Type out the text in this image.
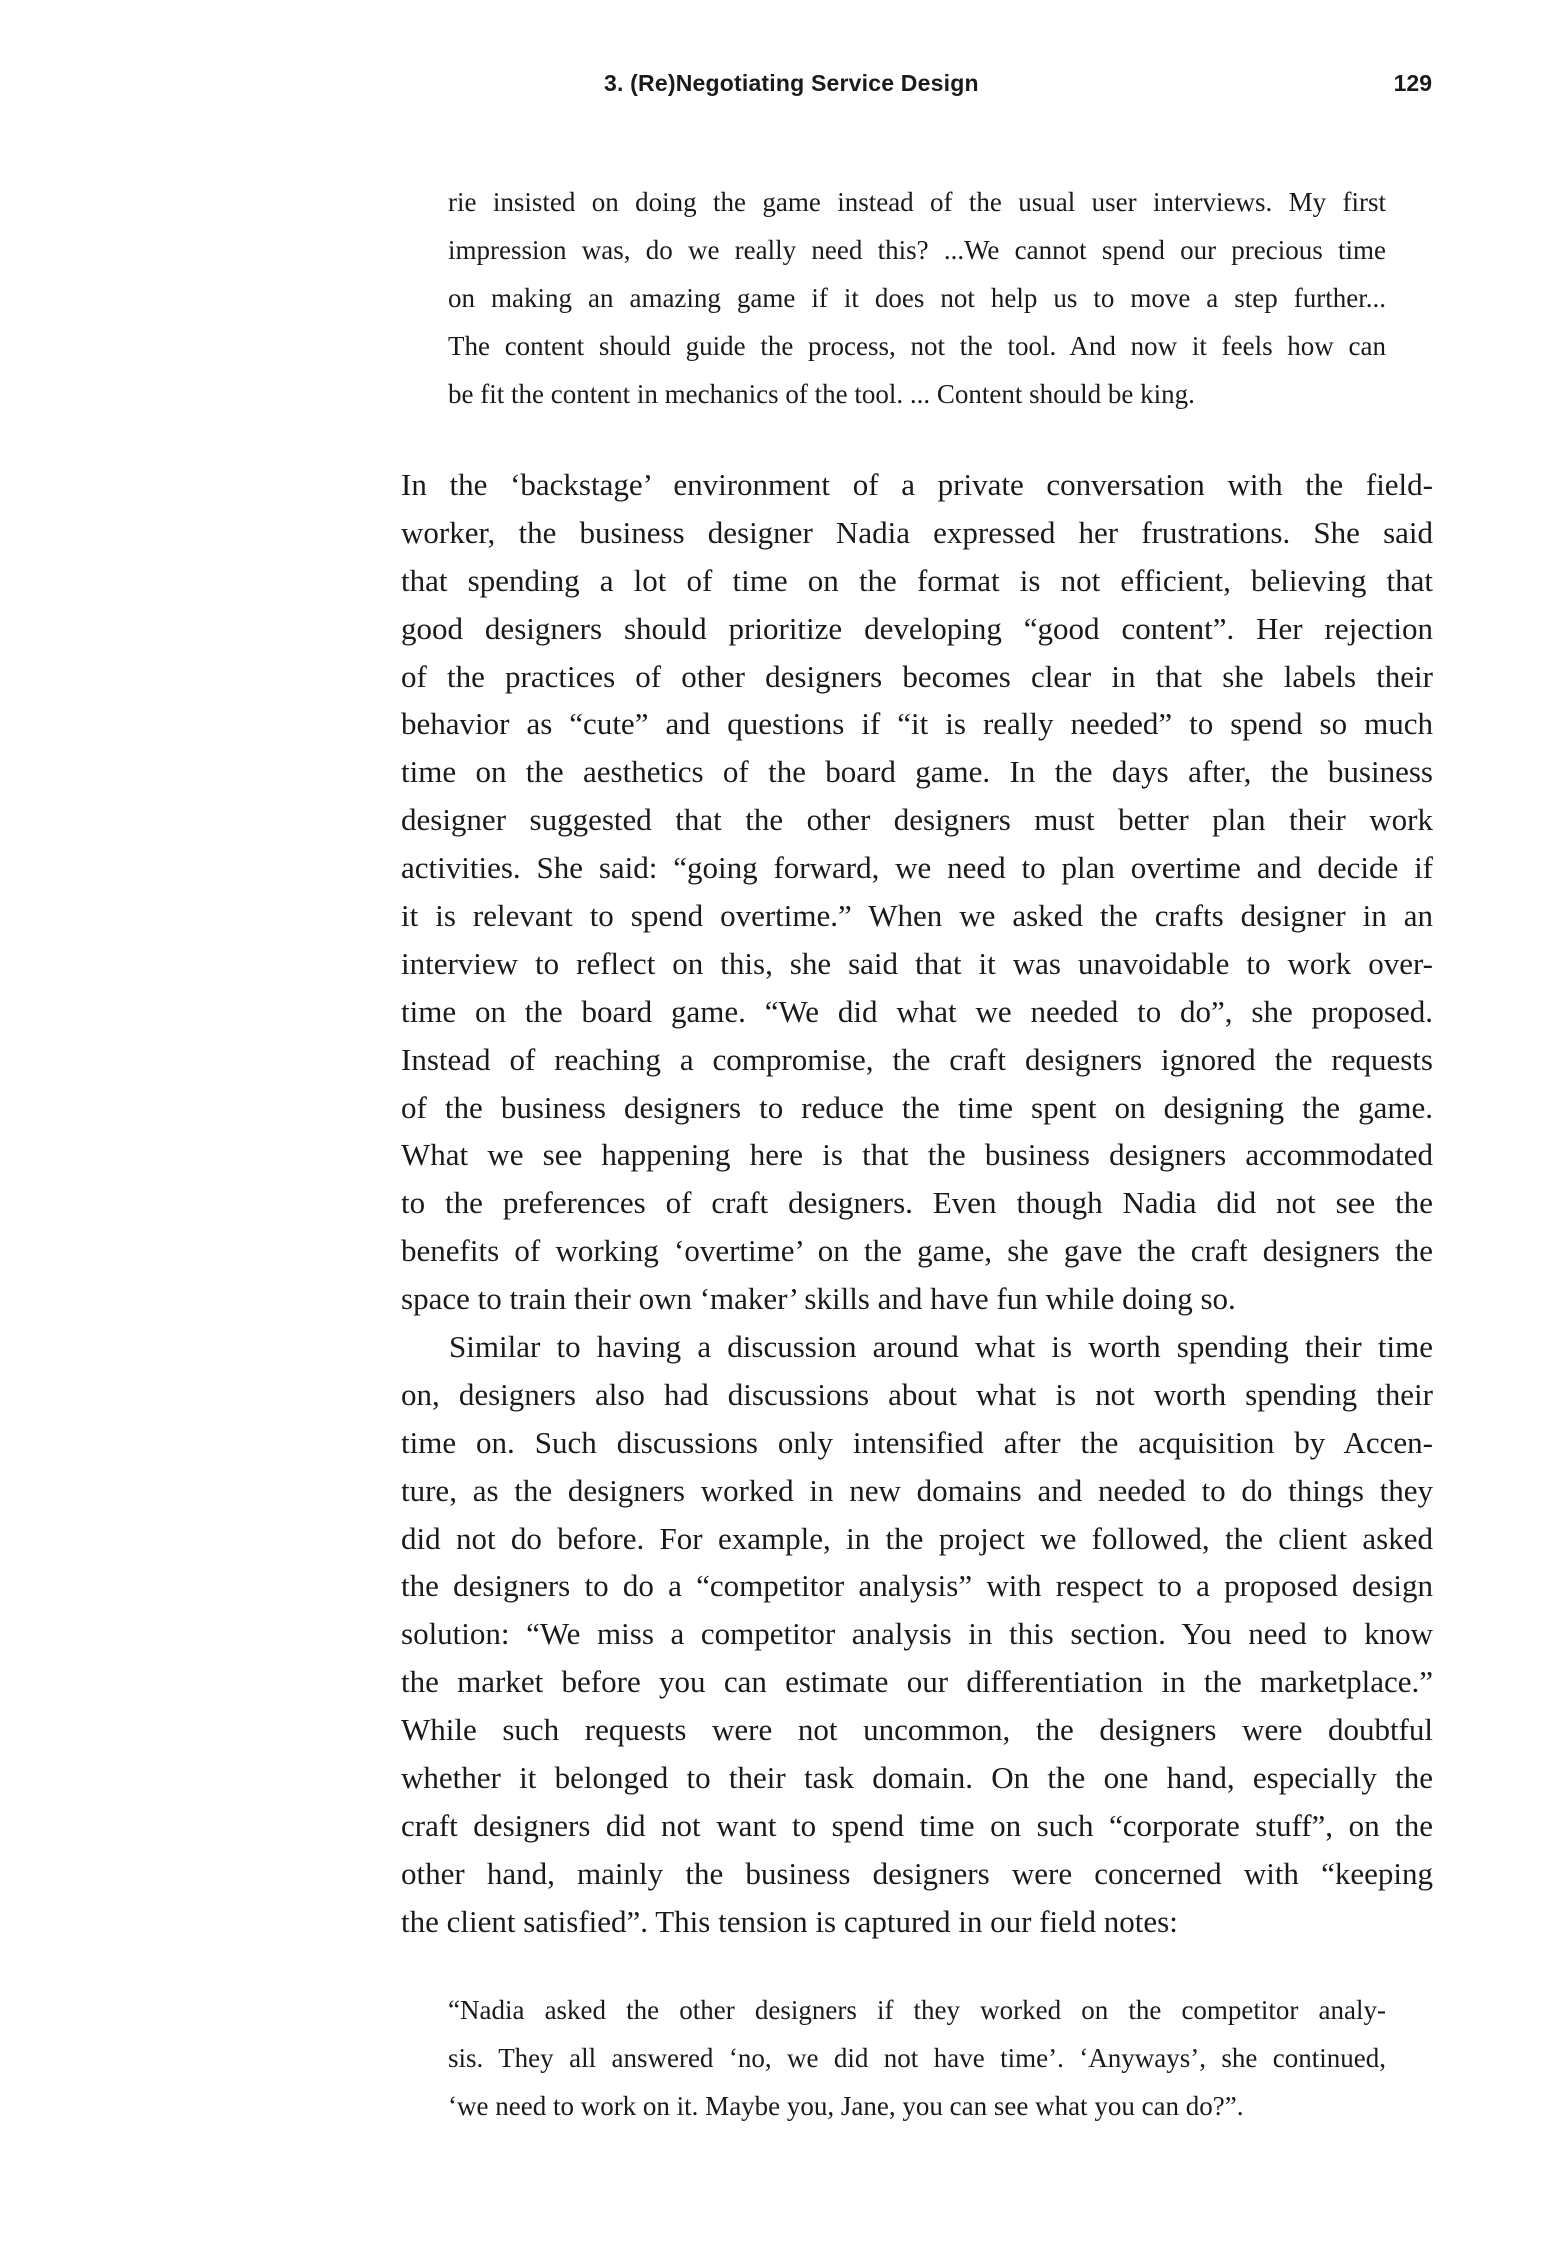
3. (Re)Negotiating Service Design	129
rie insisted on doing the game instead of the usual user interviews. My first
impression was, do we really need this? ...We cannot spend our precious time
on making an amazing game if it does not help us to move a step further...
The content should guide the process, not the tool. And now it feels how can
be fit the content in mechanics of the tool. ... Content should be king.
In the ‘backstage’ environment of a private conversation with the field-
worker, the business designer Nadia expressed her frustrations. She said
that spending a lot of time on the format is not efficient, believing that
good designers should prioritize developing “good content”. Her rejection
of the practices of other designers becomes clear in that she labels their
behavior as “cute” and questions if “it is really needed” to spend so much
time on the aesthetics of the board game. In the days after, the business
designer suggested that the other designers must better plan their work
activities. She said: “going forward, we need to plan overtime and decide if
it is relevant to spend overtime.” When we asked the crafts designer in an
interview to reflect on this, she said that it was unavoidable to work over-
time on the board game. “We did what we needed to do”, she proposed.
Instead of reaching a compromise, the craft designers ignored the requests
of the business designers to reduce the time spent on designing the game.
What we see happening here is that the business designers accommodated
to the preferences of craft designers. Even though Nadia did not see the
benefits of working ‘overtime’ on the game, she gave the craft designers the
space to train their own ‘maker’ skills and have fun while doing so.
Similar to having a discussion around what is worth spending their time
on, designers also had discussions about what is not worth spending their
time on. Such discussions only intensified after the acquisition by Accen-
ture, as the designers worked in new domains and needed to do things they
did not do before. For example, in the project we followed, the client asked
the designers to do a “competitor analysis” with respect to a proposed design
solution: “We miss a competitor analysis in this section. You need to know
the market before you can estimate our differentiation in the marketplace.”
While such requests were not uncommon, the designers were doubtful
whether it belonged to their task domain. On the one hand, especially the
craft designers did not want to spend time on such “corporate stuff”, on the
other hand, mainly the business designers were concerned with “keeping
the client satisfied”. This tension is captured in our field notes:
“Nadia asked the other designers if they worked on the competitor analy-
sis. They all answered ‘no, we did not have time’. ‘Anyways’, she continued,
‘we need to work on it. Maybe you, Jane, you can see what you can do?”.
